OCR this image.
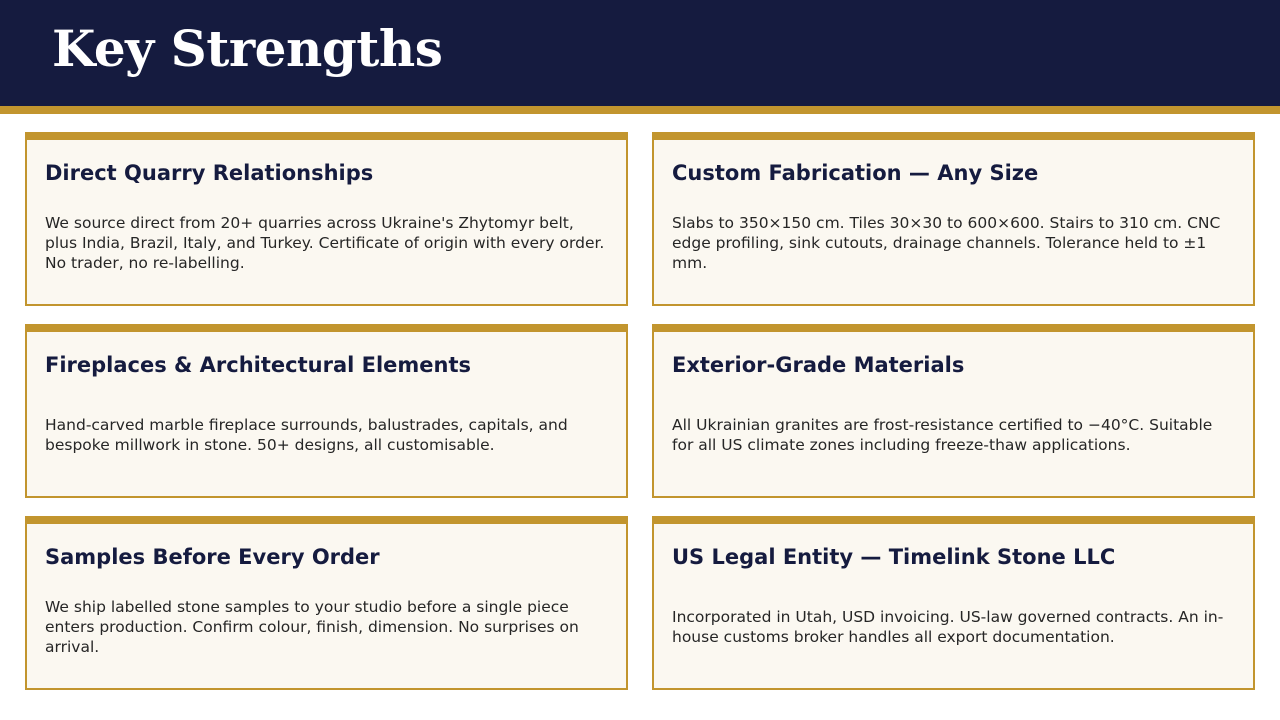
Key Strengths
Direct Quarry Relationships

We source direct from 20+ quarries across Ukraine's Zhytomyr belt, plus India, Brazil, Italy, and Turkey. Certificate of origin with every order. No trader, no re-labelling.

Custom Fabrication — Any Size

Slabs to 350×150 cm. Tiles 30×30 to 600×600. Stairs to 310 cm. CNC edge profiling, sink cutouts, drainage channels. Tolerance held to ±1 mm.

Fireplaces & Architectural Elements

Hand-carved marble fireplace surrounds, balustrades, capitals, and bespoke millwork in stone. 50+ designs, all customisable.

Exterior-Grade Materials

All Ukrainian granites are frost-resistance certified to −40°C. Suitable for all US climate zones including freeze-thaw applications.

Samples Before Every Order

We ship labelled stone samples to your studio before a single piece enters production. Confirm colour, finish, dimension. No surprises on arrival.

US Legal Entity — Timelink Stone LLC

Incorporated in Utah, USD invoicing. US-law governed contracts. An in-house customs broker handles all export documentation.
